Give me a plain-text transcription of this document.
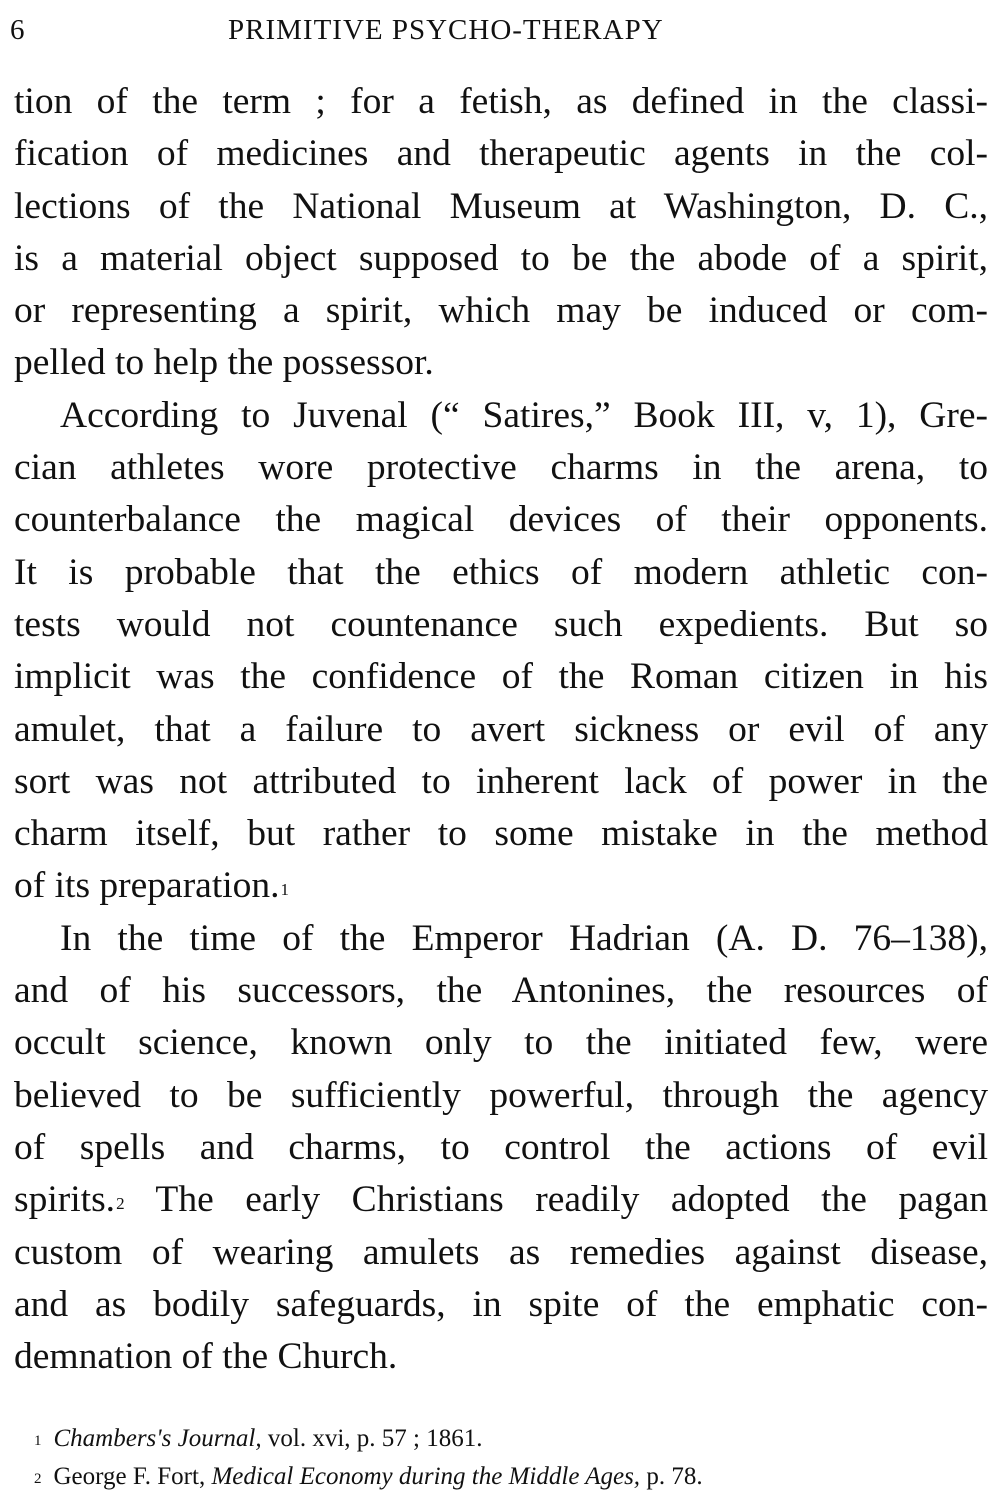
6	PRIMITIVE PSYCHO-THERAPY
tion of the term ; for a fetish, as defined in the classi-
fication of medicines and therapeutic agents in the col-
lections of the National Museum at Washington, D. C.,
is a material object supposed to be the abode of a spirit,
or representing a spirit, which may be induced or com-
pelled to help the possessor.
According to Juvenal (“ Satires,” Book III, v, 1), Gre-
cian athletes wore protective charms in the arena, to
counterbalance the magical devices of their opponents.
It is probable that the ethics of modern athletic con-
tests would not countenance such expedients. But so
implicit was the confidence of the Roman citizen in his
amulet, that a failure to avert sickness or evil of any
sort was not attributed to inherent lack of power in the
charm itself, but rather to some mistake in the method
of its preparation.$^1$
In the time of the Emperor Hadrian (A. D. 76–138),
and of his successors, the Antonines, the resources of
occult science, known only to the initiated few, were
believed to be sufficiently powerful, through the agency
of spells and charms, to control the actions of evil
spirits.$^2$ The early Christians readily adopted the pagan
custom of wearing amulets as remedies against disease,
and as bodily safeguards, in spite of the emphatic con-
demnation of the Church.
$^1$ Chambers's Journal, vol. xvi, p. 57 ; 1861.
$^2$ George F. Fort, Medical Economy during the Middle Ages, p. 78.
